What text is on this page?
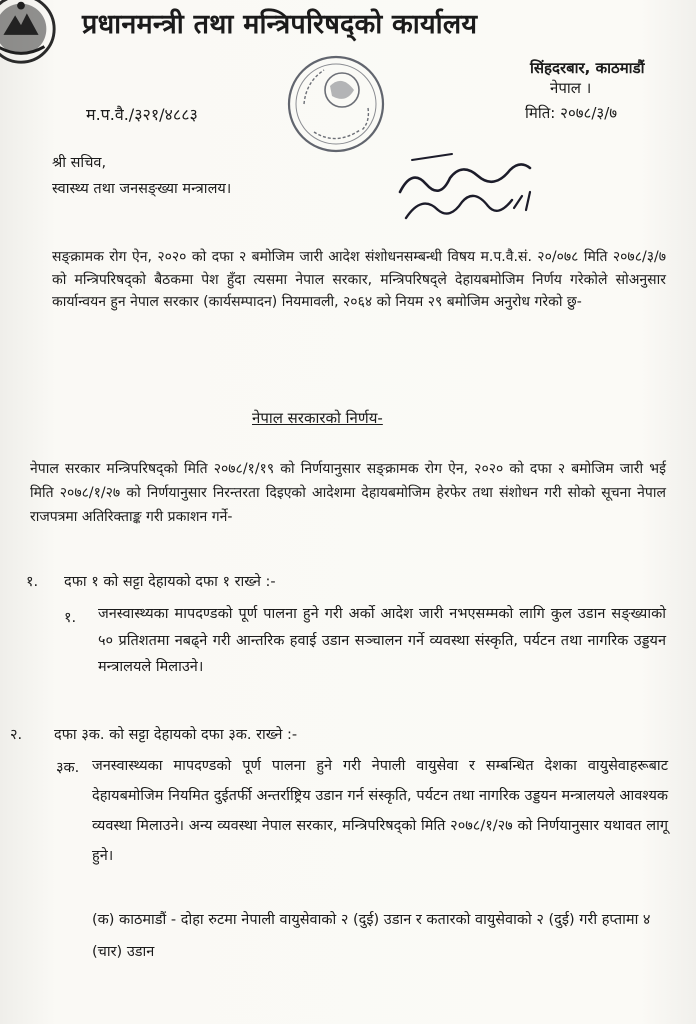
प्रधानमन्त्री तथा मन्त्रिपरिषद्को कार्यालय
सिंहदरबार, काठमाडौं
नेपाल ।
म.प.वै./३२१/४८८३	मिति: २०७८/३/७
श्री सचिव,
स्वास्थ्य तथा जनसङ्ख्या मन्त्रालय।
सङ्क्रामक रोग ऐन, २०२० को दफा २ बमोजिम जारी आदेश संशोधनसम्बन्धी विषय म.प.वै.सं. २०/०७८ मिति २०७८/३/७ को मन्त्रिपरिषद्को बैठकमा पेश हुँदा त्यसमा नेपाल सरकार, मन्त्रिपरिषद्ले देहायबमोजिम निर्णय गरेकोले सोअनुसार कार्यान्वयन हुन नेपाल सरकार (कार्यसम्पादन) नियमावली, २०६४ को नियम २९ बमोजिम अनुरोध गरेको छु-
नेपाल सरकारको निर्णय-
नेपाल सरकार मन्त्रिपरिषद्को मिति २०७८/१/१९ को निर्णयानुसार सङ्क्रामक रोग ऐन, २०२० को दफा २ बमोजिम जारी भई मिति २०७८/१/२७ को निर्णयानुसार निरन्तरता दिइएको आदेशमा देहायबमोजिम हेरफेर तथा संशोधन गरी सोको सूचना नेपाल राजपत्रमा अतिरिक्ताङ्क गरी प्रकाशन गर्ने-
१. दफा १ को सट्टा देहायको दफा १ राख्ने :-
१. जनस्वास्थ्यका मापदण्डको पूर्ण पालना हुने गरी अर्को आदेश जारी नभएसम्मको लागि कुल उडान सङ्ख्याको ५० प्रतिशतमा नबढ्ने गरी आन्तरिक हवाई उडान सञ्चालन गर्ने व्यवस्था संस्कृति, पर्यटन तथा नागरिक उड्डयन मन्त्रालयले मिलाउने।
२. दफा ३क. को सट्टा देहायको दफा ३क. राख्ने :-
३क. जनस्वास्थ्यका मापदण्डको पूर्ण पालना हुने गरी नेपाली वायुसेवा र सम्बन्धित देशका वायुसेवाहरूबाट देहायबमोजिम नियमित दुईतर्फी अन्तर्राष्ट्रिय उडान गर्न संस्कृति, पर्यटन तथा नागरिक उड्डयन मन्त्रालयले आवश्यक व्यवस्था मिलाउने। अन्य व्यवस्था नेपाल सरकार, मन्त्रिपरिषद्को मिति २०७८/१/२७ को निर्णयानुसार यथावत लागू हुने।
(क) काठमाडौं - दोहा रुटमा नेपाली वायुसेवाको २ (दुई) उडान र कतारको वायुसेवाको २ (दुई) गरी हप्तामा ४ (चार) उडान
